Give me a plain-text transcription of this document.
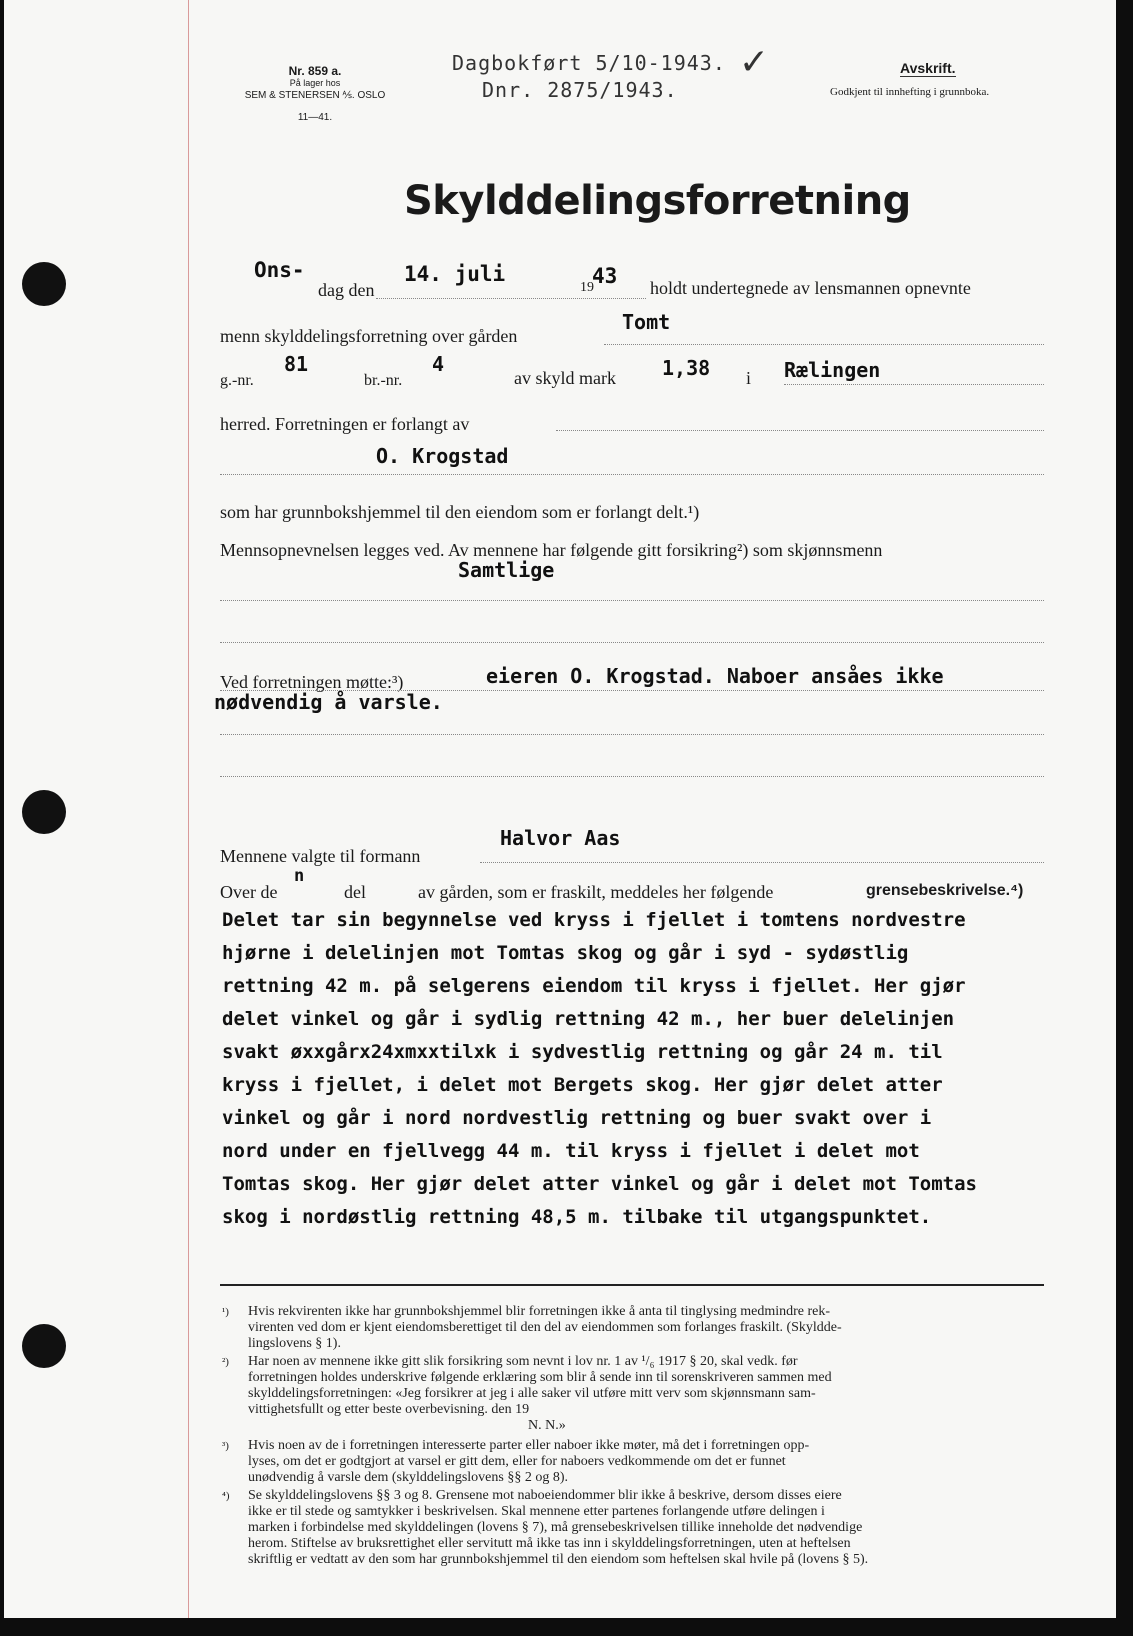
Nr. 859 a.
På lager hos
SEM & STENERSEN ⅍. OSLO
11—41.
Dagbokført 5/10-1943. ✓
Dnr. 2875/1943.
Avskrift.
Godkjent til innhefting i grunnboka.
Skylddelingsforretning
Ons-
dag den
14. juli
19
43 holdt undertegnede av lensmannen opnevnte
menn skylddelingsforretning over gården
Tomt
g.-nr.
81
br.-nr.
4
av skyld mark 1,38 i Rælingen
herred. Forretningen er forlangt av
O. Krogstad
som har grunnbokshjemmel til den eiendom som er forlangt delt.¹)
Mennsopnevnelsen legges ved. Av mennene har følgende gitt forsikring²) som skjønnsmenn
Samtlige
Ved forretningen møtte:³)	eieren O. Krogstad. Naboer ansåes ikke
nødvendig å varsle.
Mennene valgte til formann
Halvor Aas
Over de
n
del	av gården, som er fraskilt, meddeles her følgende	grensebeskrivelse.⁴)
Delet tar sin begynnelse ved kryss i fjellet i tomtens nordvestre
hjørne i delelinjen mot Tomtas skog og går i syd - sydøstlig
rettning 42 m. på selgerens eiendom til kryss i fjellet. Her gjør
delet vinkel og går i sydlig rettning 42 m., her buer delelinjen
svakt øxxgårx24xmxxtilxk i sydvestlig rettning og går 24 m. til
kryss i fjellet, i delet mot Bergets skog. Her gjør delet atter
vinkel og går i nord nordvestlig rettning og buer svakt over i
nord under en fjellvegg 44 m. til kryss i fjellet i delet mot
Tomtas skog. Her gjør delet atter vinkel og går i delet mot Tomtas
skog i nordøstlig rettning 48,5 m. tilbake til utgangspunktet.
¹) Hvis rekvirenten ikke har grunnbokshjemmel blir forretningen ikke å anta til tinglysing medmindre rek-
virenten ved dom er kjent eiendomsberettiget til den del av eiendommen som forlanges fraskilt. (Skyldde-
lingslovens § 1).
²) Har noen av mennene ikke gitt slik forsikring som nevnt i lov nr. 1 av ¹/₆ 1917 § 20, skal vedk. før
forretningen holdes underskrive følgende erklæring som blir å sende inn til sorenskriveren sammen med
skylddelingsforretningen: «Jeg forsikrer at jeg i alle saker vil utføre mitt verv som skjønnsmann sam-
vittighetsfullt og etter beste overbevisning. den 19
N. N.»
³) Hvis noen av de i forretningen interesserte parter eller naboer ikke møter, må det i forretningen opp-
lyses, om det er godtgjort at varsel er gitt dem, eller for naboers vedkommende om det er funnet
unødvendig å varsle dem (skylddelingslovens §§ 2 og 8).
⁴) Se skylddelingslovens §§ 3 og 8. Grensene mot naboeiendommer blir ikke å beskrive, dersom disses eiere
ikke er til stede og samtykker i beskrivelsen. Skal mennene etter partenes forlangende utføre delingen i
marken i forbindelse med skylddelingen (lovens § 7), må grensebeskrivelsen tillike inneholde det nødvendige
herom. Stiftelse av bruksrettighet eller servitutt må ikke tas inn i skylddelingsforretningen, uten at heftelsen
skriftlig er vedtatt av den som har grunnbokshjemmel til den eiendom som heftelsen skal hvile på (lovens § 5).
